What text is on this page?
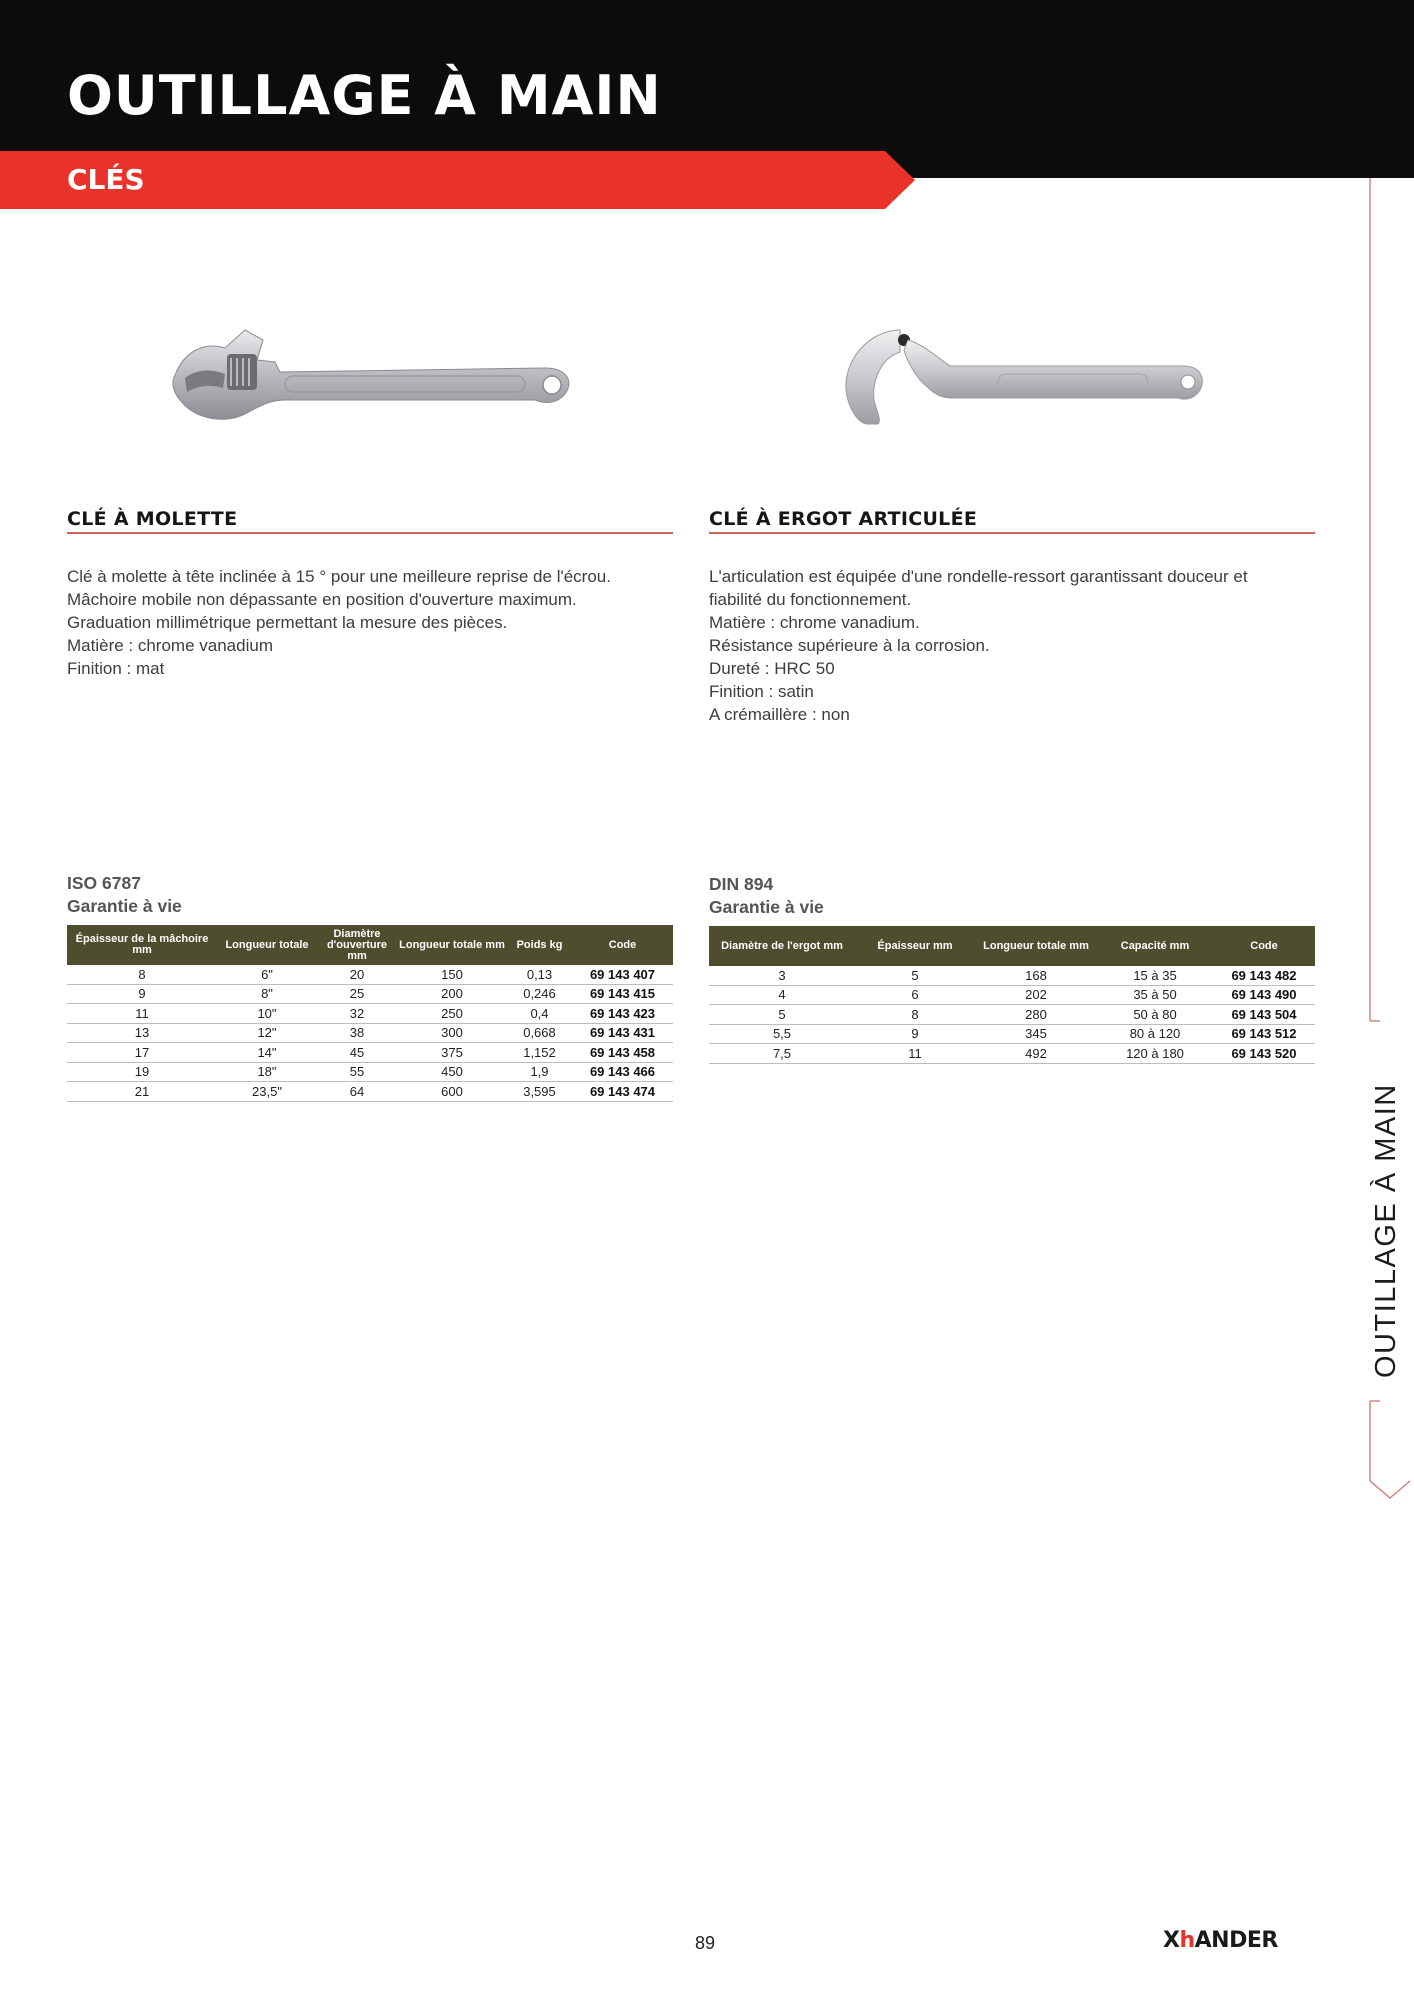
OUTILLAGE À MAIN
CLÉS
OUTILLAGE À MAIN
CLÉ À MOLETTE
Clé à molette à tête inclinée à 15 ° pour une meilleure reprise de l'écrou.
Mâchoire mobile non dépassante en position d'ouverture maximum.
Graduation millimétrique permettant la mesure des pièces.
Matière : chrome vanadium
Finition : mat
ISO 6787
Garantie à vie
Épaisseur de la mâchoire mm	Longueur totale	Diamètre d'ouverture mm	Longueur totale mm	Poids kg	Code
8	6"	20	150	0,13	69 143 407
9	8"	25	200	0,246	69 143 415
11	10"	32	250	0,4	69 143 423
13	12"	38	300	0,668	69 143 431
17	14"	45	375	1,152	69 143 458
19	18"	55	450	1,9	69 143 466
21	23,5"	64	600	3,595	69 143 474
CLÉ À ERGOT ARTICULÉE
L'articulation est équipée d'une rondelle-ressort garantissant douceur et
fiabilité du fonctionnement.
Matière : chrome vanadium.
Résistance supérieure à la corrosion.
Dureté : HRC 50
Finition : satin
A crémaillère : non
DIN 894
Garantie à vie
Diamètre de l'ergot mm	Épaisseur mm	Longueur totale mm	Capacité mm	Code
3	5	168	15 à 35	69 143 482
4	6	202	35 à 50	69 143 490
5	8	280	50 à 80	69 143 504
5,5	9	345	80 à 120	69 143 512
7,5	11	492	120 à 180	69 143 520
89	XhANDER
